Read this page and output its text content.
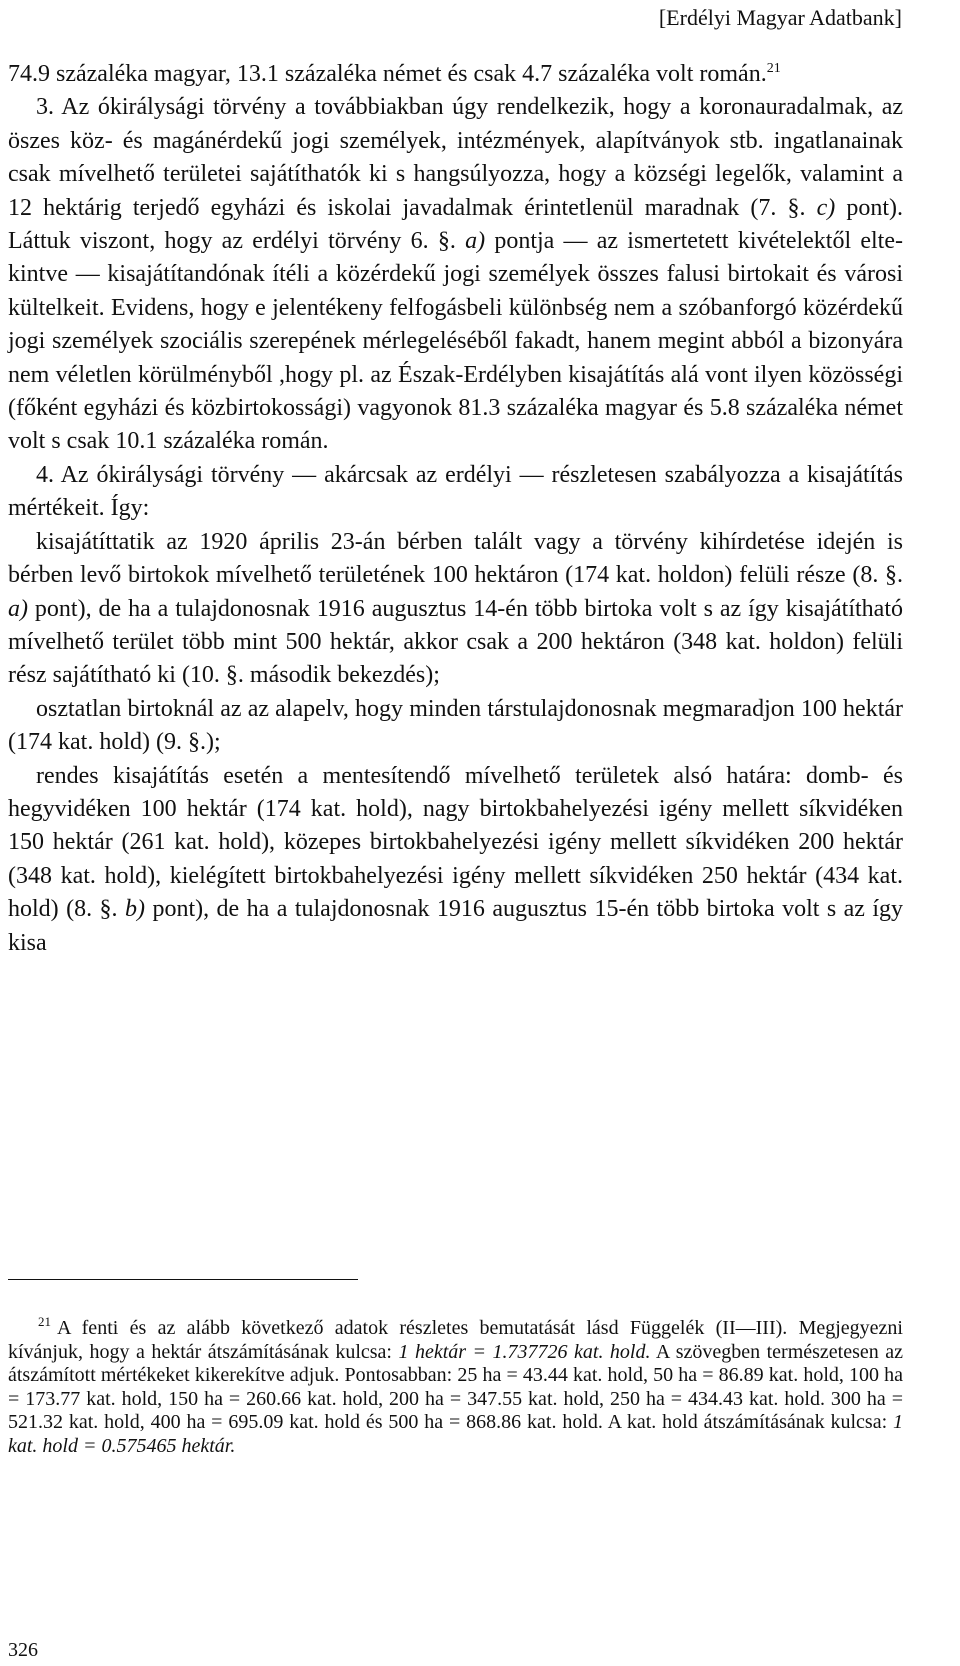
[Erdélyi Magyar Adatbank]

74.9 százaléka magyar, 13.1 százaléka német és csak 4.7 százaléka volt román.$^{21}$

3. Az ókirálysági törvény a továbbiakban úgy rendelkezik, hogy a koronauradalmak, az öszes köz- és magánérdekű jogi személyek, intézmények, alapítványok stb. ingatlanainak csak mívelhető területei sajátíthatók ki s hangsúlyozza, hogy a községi legelők, valamint a 12 hektárig terjedő egyházi és iskolai javadalmak érintetlenül maradnak (7. §. c) pont). Láttuk viszont, hogy az erdélyi törvény 6. §. a) pontja — az ismertetett kivételektől eltekintve — kisajátítandónak ítéli a közérdekű jogi személyek összes falusi birtokait és városi kültelkeit. Evidens, hogy e jelentékeny felfogásbeli különbség nem a szóbanforgó közérdekű jogi személyek szociális szerepének mérlegeléséből fakadt, hanem megint abból a bizonyára nem véletlen körülményből ,hogy pl. az Észak-Erdélyben kisajátítás alá vont ilyen közösségi (főként egyházi és közbirtokossági) vagyonok 81.3 százaléka magyar és 5.8 százaléka német volt s csak 10.1 százaléka román.

4. Az ókirálysági törvény — akárcsak az erdélyi — részletesen szabályozza a kisajátítás mértékeit. Így:

kisajátíttatik az 1920 április 23-án bérben talált vagy a törvény kihírdetése idején is bérben levő birtokok mívelhető területének 100 hektáron (174 kat. holdon) felüli része (8. §. a) pont), de ha a tulajdonosnak 1916 augusztus 14-én több birtoka volt s az így kisajátítható mívelhető terület több mint 500 hektár, akkor csak a 200 hektáron (348 kat. holdon) felüli rész sajátítható ki (10. §. második bekezdés);

osztatlan birtoknál az az alapelv, hogy minden társtulajdonosnak megmaradjon 100 hektár (174 kat. hold) (9. §.);

rendes kisajátítás esetén a mentesítendő mívelhető területek alsó határa: domb- és hegyvidéken 100 hektár (174 kat. hold), nagy birtokbahelyezési igény mellett síkvidéken 150 hektár (261 kat. hold), közepes birtokbahelyezési igény mellett síkvidéken 200 hektár (348 kat. hold), kielégített birtokbahelyezési igény mellett síkvidéken 250 hektár (434 kat. hold) (8. §. b) pont), de ha a tulajdonosnak 1916 augusztus 15-én több birtoka volt s az így kisa

$^{21}$ A fenti és az alább következő adatok részletes bemutatását lásd Függelék (II—III). Megjegyezni kívánjuk, hogy a hektár átszámításának kulcsa: 1 hektár = 1.737726 kat. hold. A szövegben természetesen az átszámított mértékeket kikerekítve adjuk. Pontosabban: 25 ha = 43.44 kat. hold, 50 ha = 86.89 kat. hold, 100 ha = 173.77 kat. hold, 150 ha = 260.66 kat. hold, 200 ha = 347.55 kat. hold, 250 ha = 434.43 kat. hold. 300 ha = 521.32 kat. hold, 400 ha = 695.09 kat. hold és 500 ha = 868.86 kat. hold. A kat. hold átszámításának kulcsa: 1 kat. hold = 0.575465 hektár.
326
